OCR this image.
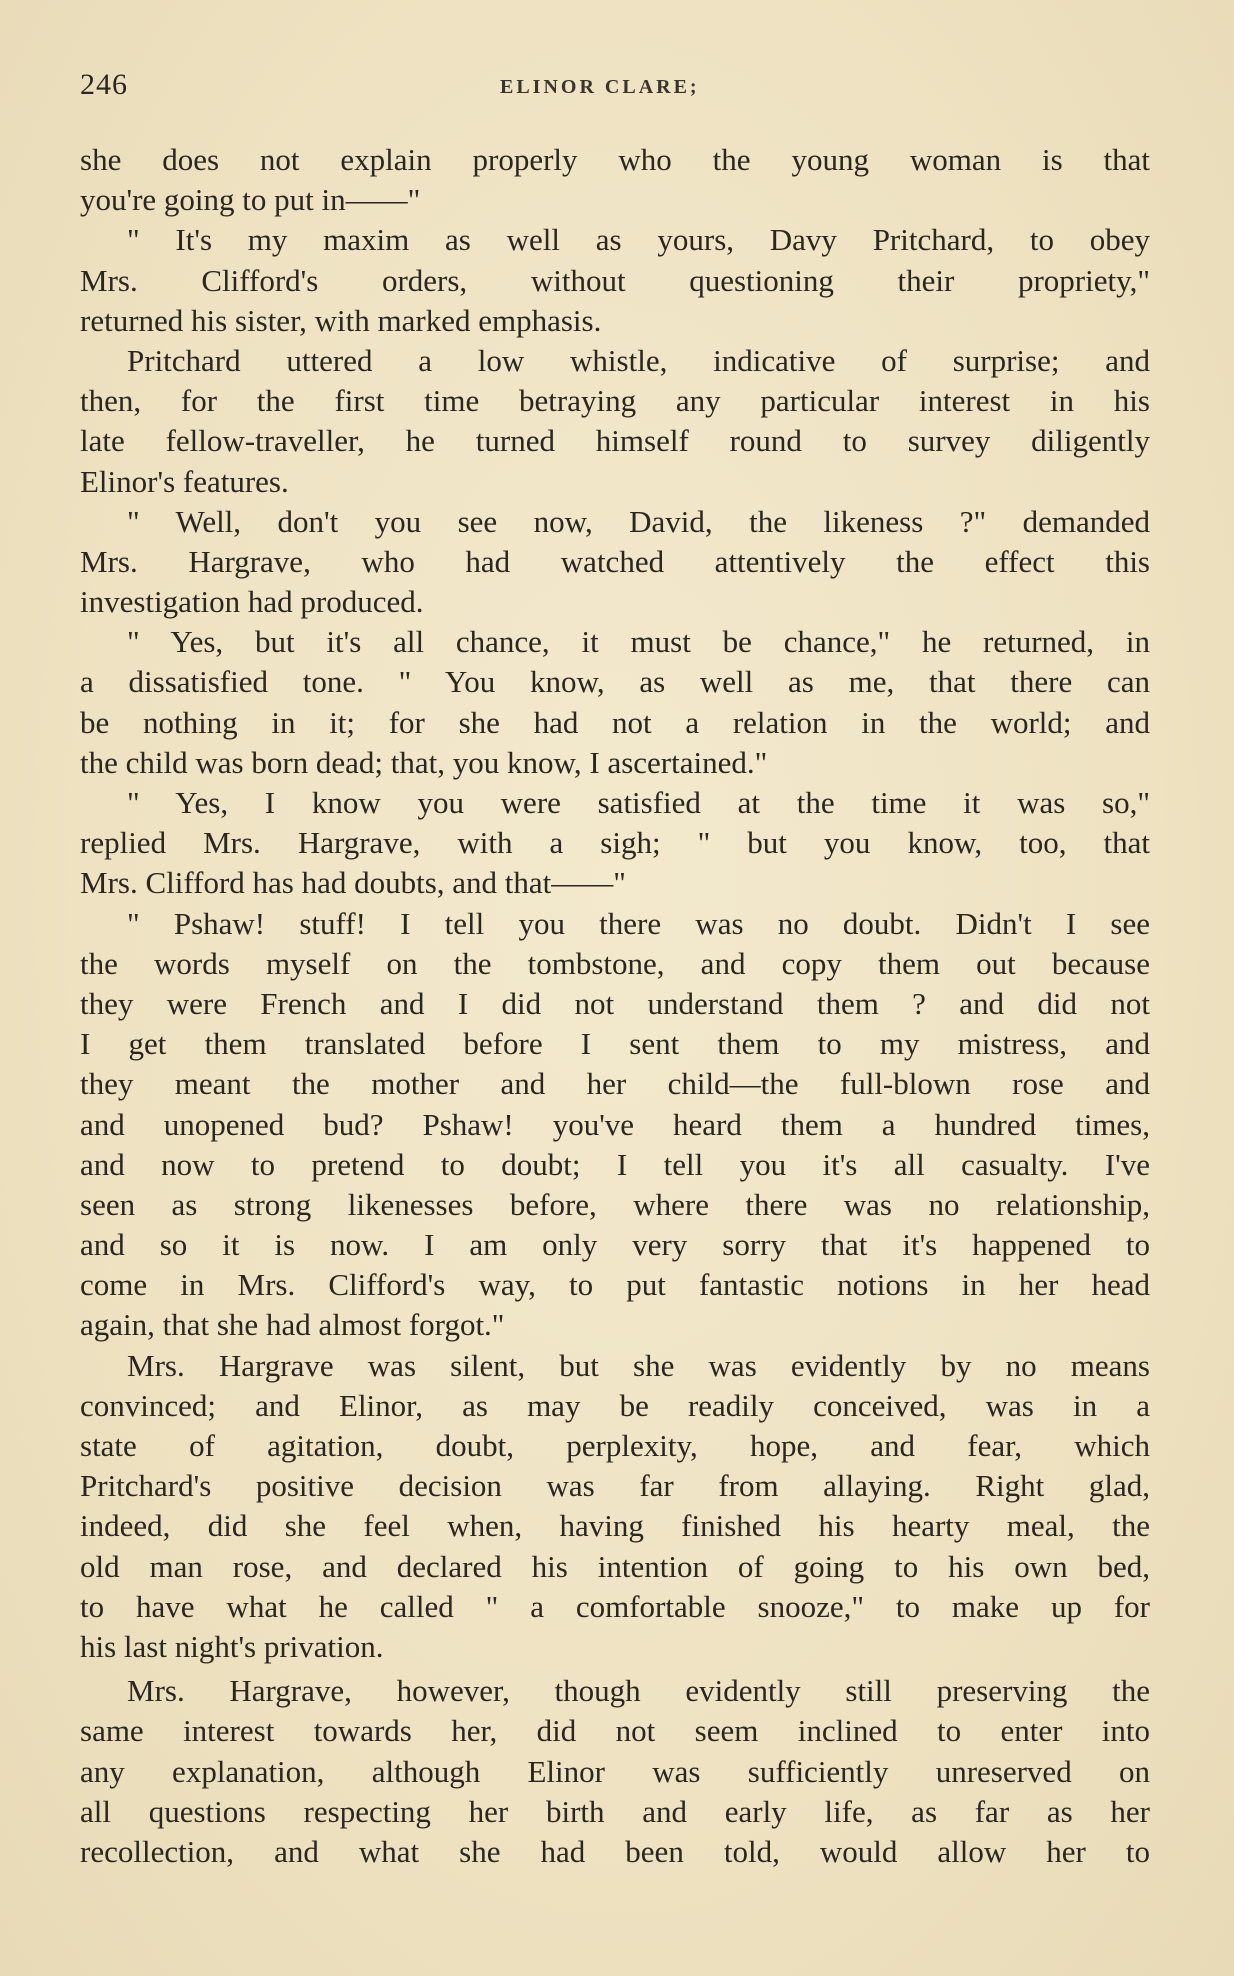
246	ELINOR CLARE;
she does not explain properly who the young woman is that
you're going to put in——"
" It's my maxim as well as yours, Davy Pritchard, to obey
Mrs. Clifford's orders, without questioning their propriety,"
returned his sister, with marked emphasis.
Pritchard uttered a low whistle, indicative of surprise; and
then, for the first time betraying any particular interest in his
late fellow-traveller, he turned himself round to survey diligently
Elinor's features.
" Well, don't you see now, David, the likeness ?" demanded
Mrs. Hargrave, who had watched attentively the effect this
investigation had produced.
" Yes, but it's all chance, it must be chance," he returned, in
a dissatisfied tone. " You know, as well as me, that there can
be nothing in it; for she had not a relation in the world; and
the child was born dead; that, you know, I ascertained."
" Yes, I know you were satisfied at the time it was so,"
replied Mrs. Hargrave, with a sigh; " but you know, too, that
Mrs. Clifford has had doubts, and that——"
" Pshaw! stuff! I tell you there was no doubt. Didn't I see
the words myself on the tombstone, and copy them out because
they were French and I did not understand them ? and did not
I get them translated before I sent them to my mistress, and
they meant the mother and her child—the full-blown rose and
and unopened bud? Pshaw! you've heard them a hundred times,
and now to pretend to doubt; I tell you it's all casualty. I've
seen as strong likenesses before, where there was no relationship,
and so it is now. I am only very sorry that it's happened to
come in Mrs. Clifford's way, to put fantastic notions in her head
again, that she had almost forgot."
Mrs. Hargrave was silent, but she was evidently by no means
convinced; and Elinor, as may be readily conceived, was in a
state of agitation, doubt, perplexity, hope, and fear, which
Pritchard's positive decision was far from allaying. Right glad,
indeed, did she feel when, having finished his hearty meal, the
old man rose, and declared his intention of going to his own bed,
to have what he called " a comfortable snooze," to make up for
his last night's privation.
Mrs. Hargrave, however, though evidently still preserving the
same interest towards her, did not seem inclined to enter into
any explanation, although Elinor was sufficiently unreserved on
all questions respecting her birth and early life, as far as her
recollection, and what she had been told, would allow her to
